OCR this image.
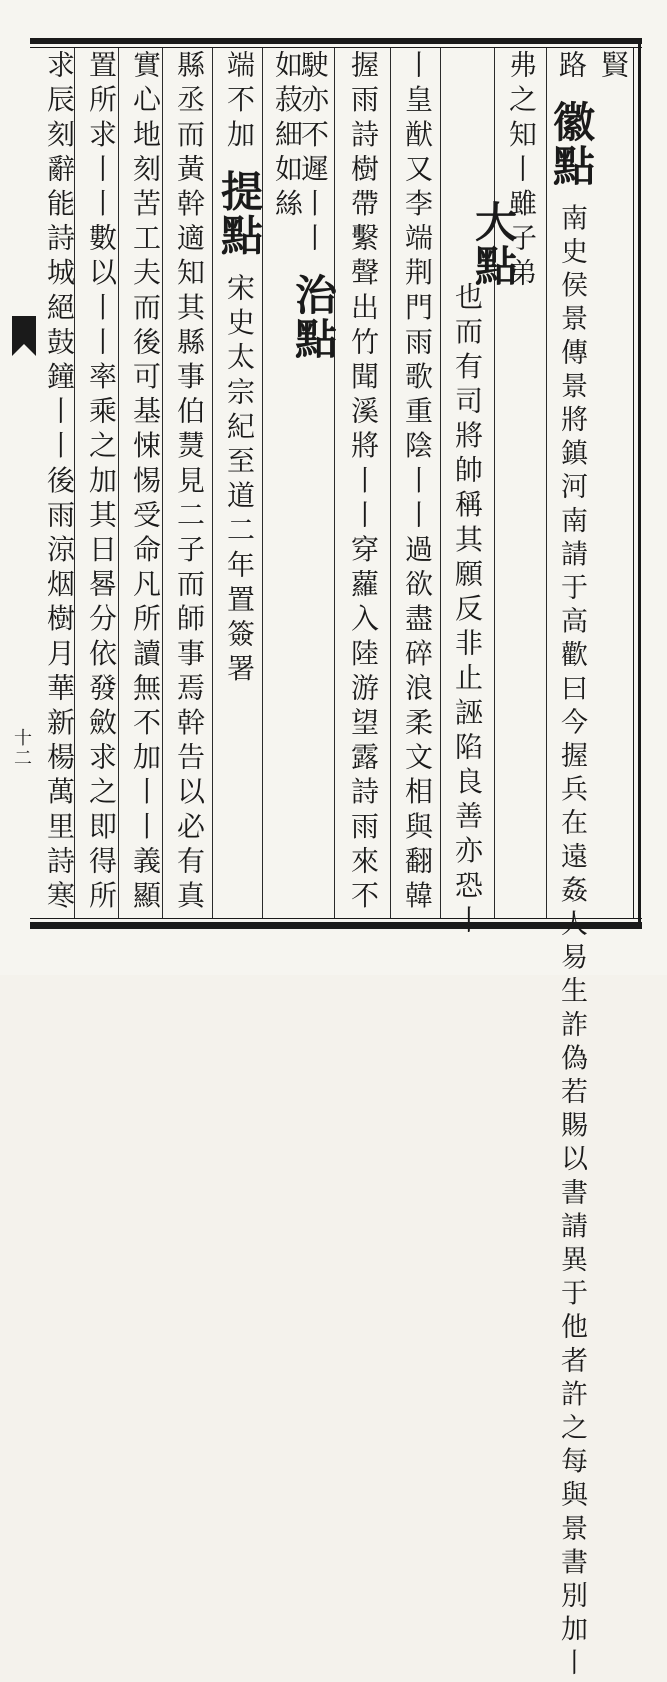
十二
賢
路 徽點 南史侯景傳景將鎮河南請于高歡曰今握兵在遠姦人易生詐偽若賜以書請異于他者許之每與景書別加丨
弗之知丨雖子弟
大點
也而有司將帥稱其願反非止誣陷良善亦恐丨
丨皇猷又李端荆門雨歌重陰丨丨過欲盡碎浪柔文相與翻韓
握雨詩樹帶繫聲出竹聞溪將丨丨穿蘿入陸游望露詩雨來不
駛亦不遲丨丨 治點
如菽細如絲
端不加 提點 宋史太宗紀至道二年置簽署
縣丞而黃幹適知其縣事伯熭見二子而師事焉幹告以必有真
實心地刻苦工夫而後可基悚惕受命凡所讀無不加丨丨義顯
置所求丨丨數以丨丨率乘之加其日晷分依發斂求之即得所
求辰刻辭能詩城絕鼓鐘丨丨後雨涼烟樹月華新楊萬里詩寒
